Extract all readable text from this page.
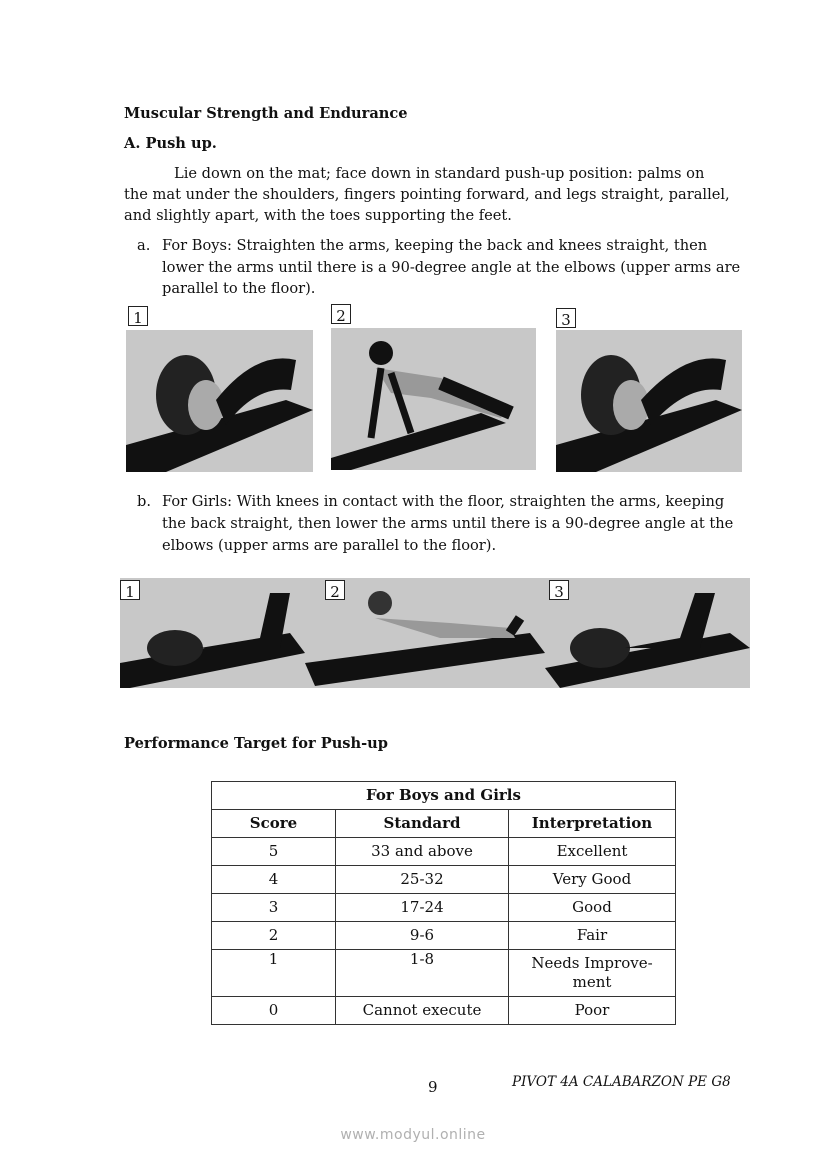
Muscular Strength and Endurance
A. Push up.
Lie down on the mat; face down in standard push-up position: palms on
the mat under the shoulders, fingers pointing forward, and legs straight, parallel,
and slightly apart, with the toes supporting the feet.
a. For Boys: Straighten the arms, keeping the back and knees straight, then
lower the arms until there is a 90-degree angle at the elbows (upper arms are
parallel to the floor).
1	2	3
b. For Girls: With knees in contact with the floor, straighten the arms, keeping
the back straight, then lower the arms until there is a 90-degree angle at the
elbows (upper arms are parallel to the floor).
1	2	3
Performance Target for Push-up
For Boys and Girls		
Score	Standard	Interpretation
5	33 and above	Excellent
4	25-32	Very Good
3	17-24	Good
2	9-6	Fair
1	1-8	Needs Improve-
ment
0	Cannot execute	Poor
9	PIVOT 4A CALABARZON PE G8
www.modyul.online
